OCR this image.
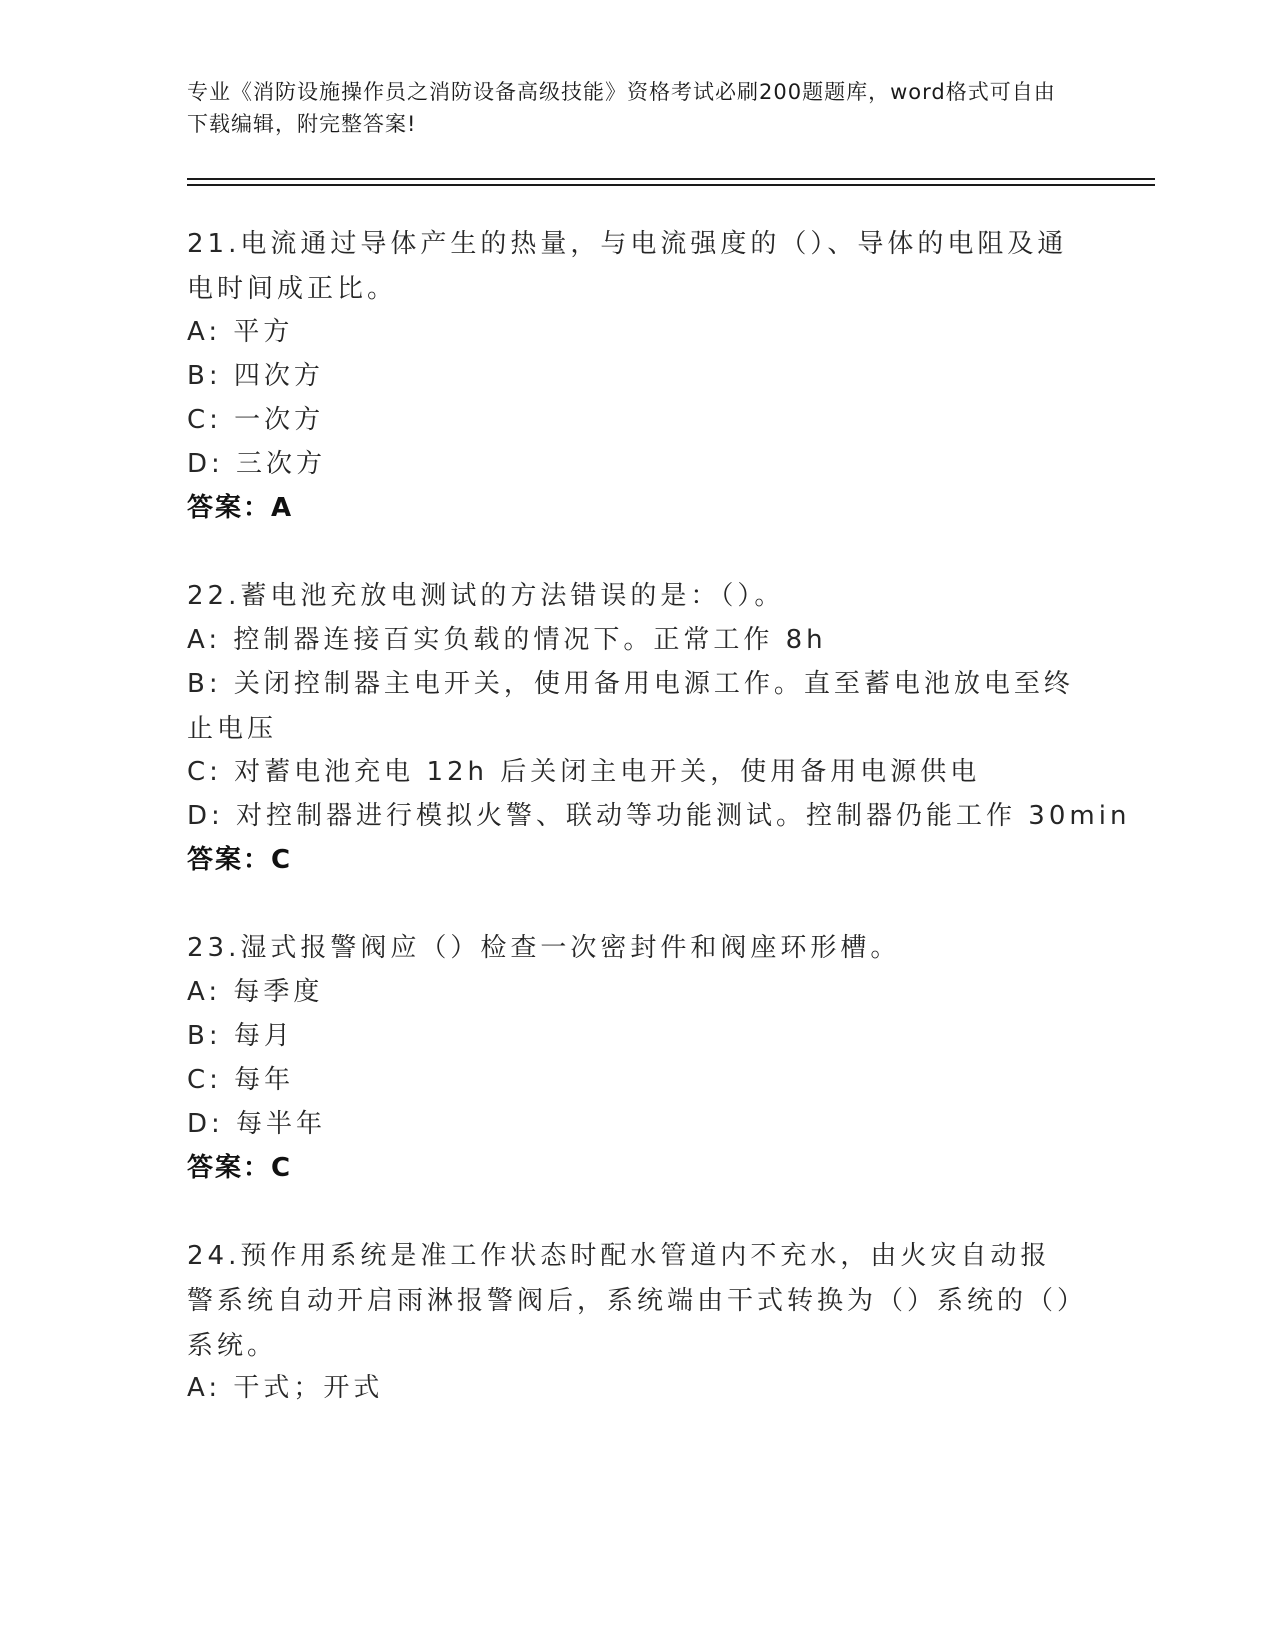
专业《消防设施操作员之消防设备高级技能》资格考试必刷200题题库，word格式可自由下载编辑，附完整答案!
21.电流通过导体产生的热量，与电流强度的（）、导体的电阻及通电时间成正比。
A: 平方
B: 四次方
C: 一次方
D: 三次方
答案：A
22.蓄电池充放电测试的方法错误的是：（）。
A: 控制器连接百实负载的情况下。正常工作 8h
B: 关闭控制器主电开关，使用备用电源工作。直至蓄电池放电至终止电压
C: 对蓄电池充电 12h 后关闭主电开关，使用备用电源供电
D: 对控制器进行模拟火警、联动等功能测试。控制器仍能工作 30min
答案：C
23.湿式报警阀应（）检查一次密封件和阀座环形槽。
A: 每季度
B: 每月
C: 每年
D: 每半年
答案：C
24.预作用系统是准工作状态时配水管道内不充水，由火灾自动报警系统自动开启雨淋报警阀后，系统端由干式转换为（）系统的（）系统。
A: 干式；开式
